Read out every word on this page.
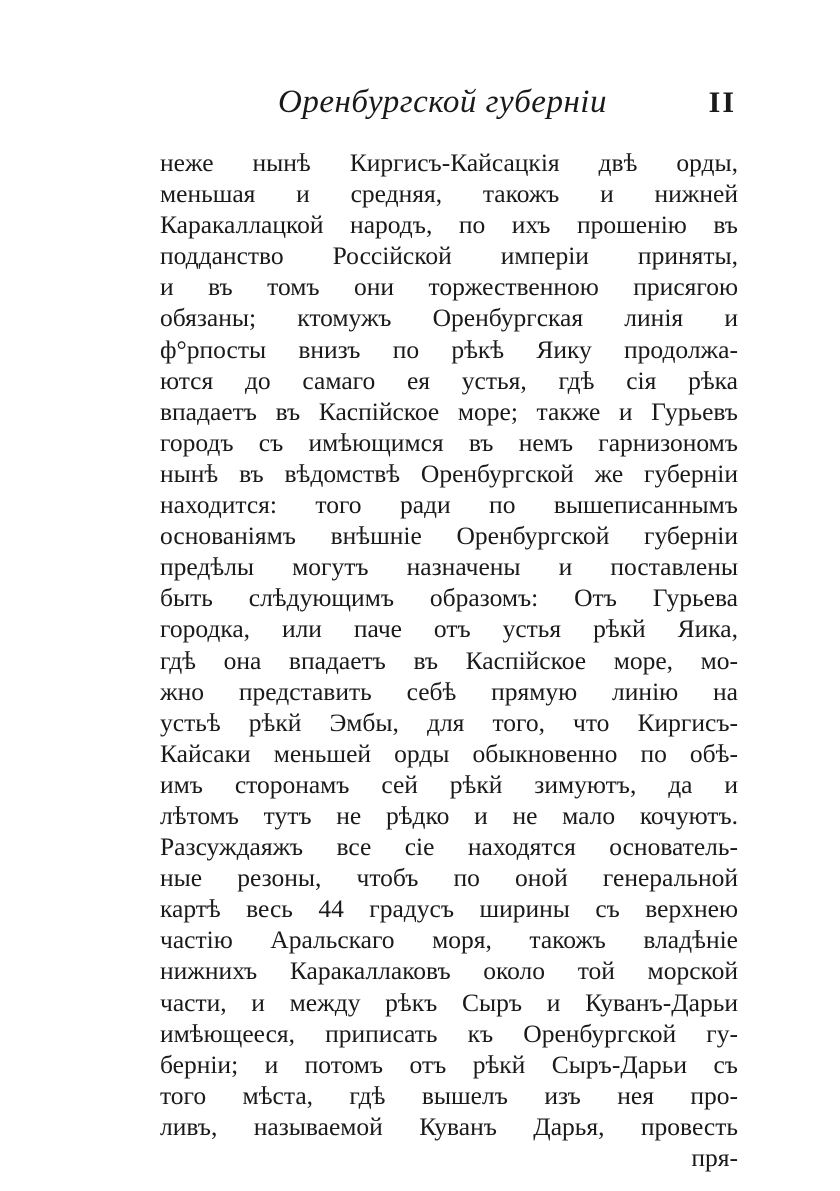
Оренбургской губерніи	II
неже нынѣ Киргисъ-Кайсацкія двѣ орды,
меньшая и средняя, такожъ и нижней
Каракаллацкой народъ, по ихъ прошенію въ
подданство Россійской имперіи приняты,
и въ томъ они торжественною присягою
обязаны; ктомужъ Оренбургская линія и
ф°рпосты внизъ по рѣкѣ Яику продолжа-
ются до самаго ея устья, гдѣ сія рѣка
впадаетъ въ Каспійское море; также и Гурьевъ
городъ съ имѣющимся въ немъ гарнизономъ
нынѣ въ вѣдомствѣ Оренбургской же губерніи
находится: того ради по вышеписаннымъ
основаніямъ внѣшніе Оренбургской губерніи
предѣлы могутъ назначены и поставлены
быть слѣдующимъ образомъ: Отъ Гурьева
городка, или паче отъ устья рѣкй Яика,
гдѣ она впадаетъ въ Каспійское море, мо-
жно представить себѣ прямую линію на
устьѣ рѣкй Эмбы, для того, что Киргисъ-
Кайсаки меньшей орды обыкновенно по обѣ-
имъ сторонамъ сей рѣкй зимуютъ, да и
лѣтомъ тутъ не рѣдко и не мало кочуютъ.
Разсуждаяжъ все сіе находятся основатель-
ные резоны, чтобъ по оной генеральной
картѣ весь 44 градусъ ширины съ верхнею
частію Аральскаго моря, такожъ владѣніе
нижнихъ Каракаллаковъ около той морской
части, и между рѣкъ Сыръ и Куванъ-Дарьи
имѣющееся, приписать къ Оренбургской гу-
берніи; и потомъ отъ рѣкй Сыръ-Дарьи съ
того мѣста, гдѣ вышелъ изъ нея про-
ливъ, называемой Куванъ Дарья, провесть
пря-
